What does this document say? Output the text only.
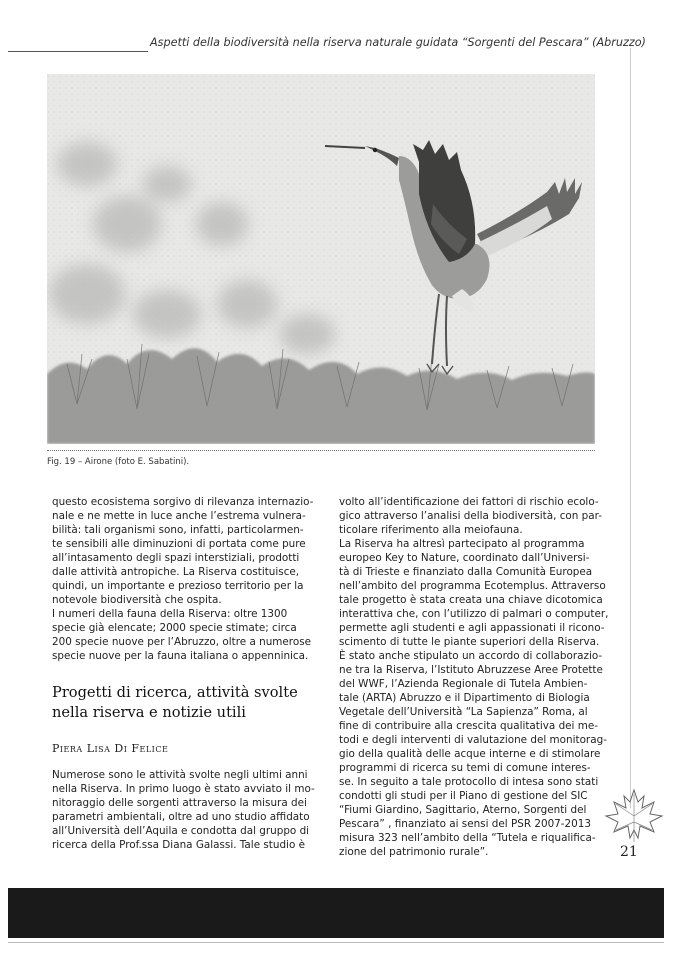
Aspetti della biodiversità nella riserva naturale guidata “Sorgenti del Pescara” (Abruzzo)
Fig. 19 – Airone (foto E. Sabatini).

questo ecosistema sorgivo di rilevanza internazio-
nale e ne mette in luce anche l’estrema vulnera-
bilità: tali organismi sono, infatti, particolarmen-
te sensibili alle diminuzioni di portata come pure
all’intasamento degli spazi interstiziali, prodotti
dalle attività antropiche. La Riserva costituisce,
quindi, un importante e prezioso territorio per la
notevole biodiversità che ospita.
I numeri della fauna della Riserva: oltre 1300
specie già elencate; 2000 specie stimate; circa
200 specie nuove per l’Abruzzo, oltre a numerose
specie nuove per la fauna italiana o appenninica.

Progetti di ricerca, attività svolte
nella riserva e notizie utili
Piera Lisa Di Felice

Numerose sono le attività svolte negli ultimi anni
nella Riserva. In primo luogo è stato avviato il mo-
nitoraggio delle sorgenti attraverso la misura dei
parametri ambientali, oltre ad uno studio affidato
all’Università dell’Aquila e condotta dal gruppo di
ricerca della Prof.ssa Diana Galassi. Tale studio è

volto all’identificazione dei fattori di rischio ecolo-
gico attraverso l’analisi della biodiversità, con par-
ticolare riferimento alla meiofauna.
La Riserva ha altresì partecipato al programma
europeo Key to Nature, coordinato dall’Universi-
tà di Trieste e finanziato dalla Comunità Europea
nell’ambito del programma Ecotemplus. Attraverso
tale progetto è stata creata una chiave dicotomica
interattiva che, con l’utilizzo di palmari o computer,
permette agli studenti e agli appassionati il ricono-
scimento di tutte le piante superiori della Riserva.
È stato anche stipulato un accordo di collaborazio-
ne tra la Riserva, l’Istituto Abruzzese Aree Protette
del WWF, l’Azienda Regionale di Tutela Ambien-
tale (ARTA) Abruzzo e il Dipartimento di Biologia
Vegetale dell’Università “La Sapienza” Roma, al
fine di contribuire alla crescita qualitativa dei me-
todi e degli interventi di valutazione del monitorag-
gio della qualità delle acque interne e di stimolare
programmi di ricerca su temi di comune interes-
se. In seguito a tale protocollo di intesa sono stati
condotti gli studi per il Piano di gestione del SIC
“Fiumi Giardino, Sagittario, Aterno, Sorgenti del
Pescara” , finanziato ai sensi del PSR 2007-2013
misura 323 nell’ambito della “Tutela e riqualifica-
zione del patrimonio rurale”.	21
